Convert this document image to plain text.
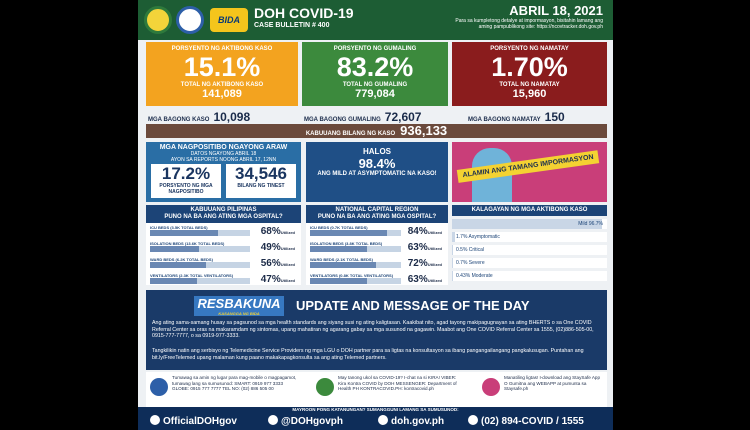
BIDA	DOH COVID-19
CASE BULLETIN # 400
ABRIL 18, 2021
Para sa kumpletong detalye at impormasyon, bisitahin lamang ang aming pampublikong site: https://ncovtracker.doh.gov.ph
PORSYENTO NG AKTIBONG KASO
15.1%
TOTAL NG AKTIBONG KASO
141,089
PORSYENTO NG GUMALING
83.2%
TOTAL NG GUMALING
779,084
PORSYENTO NG NAMATAY
1.70%
TOTAL NG NAMATAY
15,960
MGA BAGONG KASO 10,098	MGA BAGONG GUMALING 72,607	MGA BAGONG NAMATAY 150
KABUUANG BILANG NG KASO 936,133
MGA NAGPOSITIBO NGAYONG ARAW
DATOS NGAYONG ABRIL 18
AYON SA REPORTS NOONG ABRIL 17, 12NN
17.2%
PORSYENTO NG MGA NAGPOSITIBO
34,546
BILANG NG TINEST
HALOS
98.4%
ANG MILD AT ASYMPTOMATIC NA KASO!	ALAMIN ANG TAMANG IMPORMASYON
KABUUANG PILIPINAS
PUNO NA BA ANG ATING MGA OSPITAL?
ICU BEDS (3.5K TOTAL BEDS)	68%Utilized
ISOLATION BEDS (13.6K TOTAL BEDS)	49%Utilized
WARD BEDS (6.2K TOTAL BEDS)	56%Utilized
VENTILATORS (2.3K TOTAL VENTILATORS)	47%Utilized
NATIONAL CAPITAL REGION
PUNO NA BA ANG ATING MGA OSPITAL?
ICU BEDS (0.7K TOTAL BEDS)	84%Utilized
ISOLATION BEDS (3.8K TOTAL BEDS)	63%Utilized
WARD BEDS (2.1K TOTAL BEDS)	72%Utilized
VENTILATORS (0.8K TOTAL VENTILATORS)	63%Utilized
KALAGAYAN NG MGA AKTIBONG KASO
Mild 96.7%
1.7% Asymptomatic
0.5% Critical
0.7% Severe
0.43% Moderate
RESBAKUNA
KASANGGA NG BIDA
UPDATE AND MESSAGE OF THE DAY
Ang ating sama-samang husay sa pagsunod sa mga health standards ang siyang susi ng ating kaligtasan. Kaakibat nito, agad tayong makipagugnayan sa ating BHERTS o sa One COVID Referral Center sa oras na makaramdam ng sintomas, upang mahatiran ng agarang gabay sa mga susunod na gagawin. Maabot ang One COVID Referral Center sa 1555, (02)886-505-00, 0915-777-7777, o sa 0919-977-3333.
Tangkilikin natin ang serbisyo ng Telemedicine Service Providers ng mga LGU o DOH partner para sa ligtas na konsultasyon sa ibang pangangailangang pangkalusugan. Puntahan ang bit.ly/FreeTelemed upang malaman kung paano makakapagkonsulta sa ang ating Telemed partners.
Tumawag sa amin ng lugar para mag-mobile o magpagamot, tumawag lang sa sumusunod: SMART: 0919 977 3333 GLOBE: 0915 777 7777 TEL NO: (02) 886 505 00
May tanong ukol sa COVID-19? I-chat na si KIRA! VIBER: Kira Kontra COVID by DOH MESSENGER: Department of Health PH KONTRACOVID.PH: kontracovid.ph
Manatiling ligtas! I-download ang StaySafe App O Gumitna ang WEBAPP at pumunta sa Staysafe.ph
MAYROON PONG KATANUNGAN? SUMANGGUNI LAMANG SA SUMUSUNOD:
OfficialDOHgov	@DOHgovph	doh.gov.ph	(02) 894-COVID / 1555
